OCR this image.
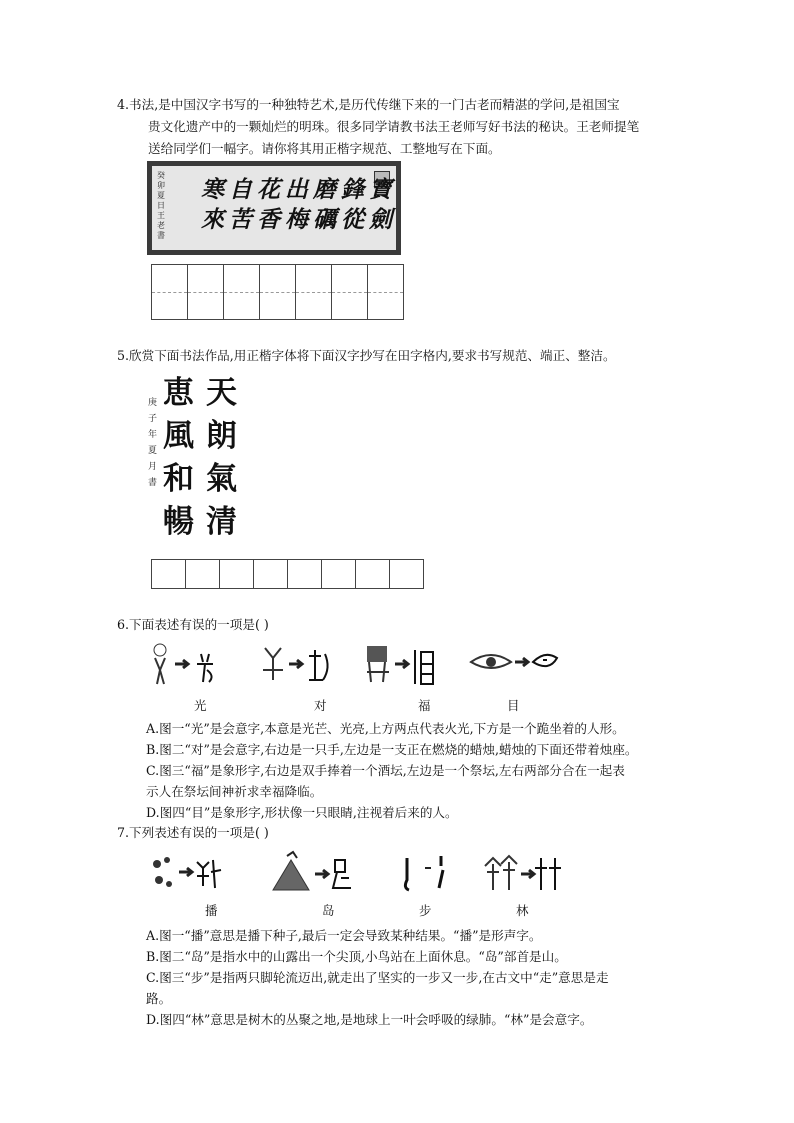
4.书法,是中国汉字书写的一种独特艺术,是历代传继下来的一门古老而精湛的学问,是祖国宝
贵文化遗产中的一颗灿烂的明珠。很多同学请教书法王老师写好书法的秘诀。王老师提笔
送给同学们一幅字。请你将其用正楷字规范、工整地写在下面。
癸卯夏日王老書
寳劍
鋒從
磨礪
出梅
花香
自苦
寒來
5.欣赏下面书法作品,用正楷字体将下面汉字抄写在田字格内,要求书写规范、端正、整洁。
庚子年夏月書
恵風和暢
天朗氣清
6.下面表述有误的一项是( )
光	对	福	目
A.图一“光”是会意字,本意是光芒、光亮,上方两点代表火光,下方是一个跪坐着的人形。
B.图二“对”是会意字,右边是一只手,左边是一支正在燃烧的蜡烛,蜡烛的下面还带着烛座。
C.图三“福”是象形字,右边是双手捧着一个酒坛,左边是一个祭坛,左右两部分合在一起表
示人在祭坛间神祈求幸福降临。
D.图四“目”是象形字,形状像一只眼睛,注视着后来的人。
7.下列表述有误的一项是( )
播	岛	步	林
A.图一“播”意思是播下种子,最后一定会导致某种结果。“播”是形声字。
B.图二“岛”是指水中的山露出一个尖顶,小鸟站在上面休息。“岛”部首是山。
C.图三“步”是指两只脚轮流迈出,就走出了坚实的一步又一步,在古文中“走”意思是走
路。
D.图四“林”意思是树木的丛聚之地,是地球上一叶会呼吸的绿肺。“林”是会意字。
